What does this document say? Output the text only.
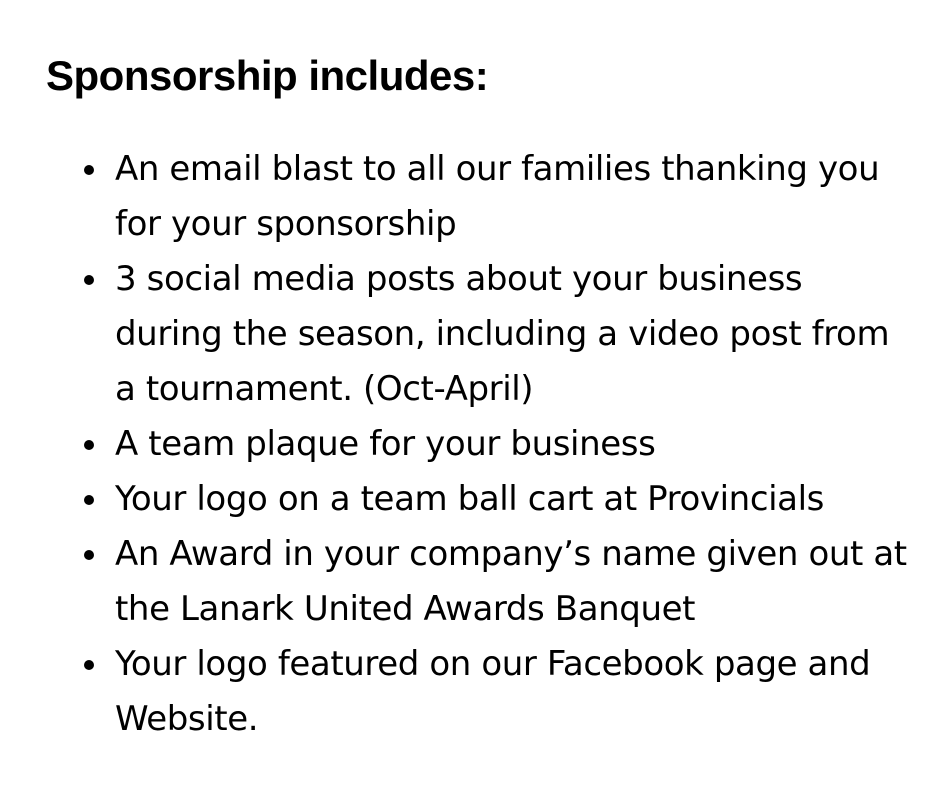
Sponsorship includes:
An email blast to all our families thanking you for your sponsorship
3 social media posts about your business during the season, including a video post from a tournament. (Oct-April)
A team plaque for your business
Your logo on a team ball cart at Provincials
An Award in your company’s name given out at the Lanark United Awards Banquet
Your logo featured on our Facebook page and Website.
